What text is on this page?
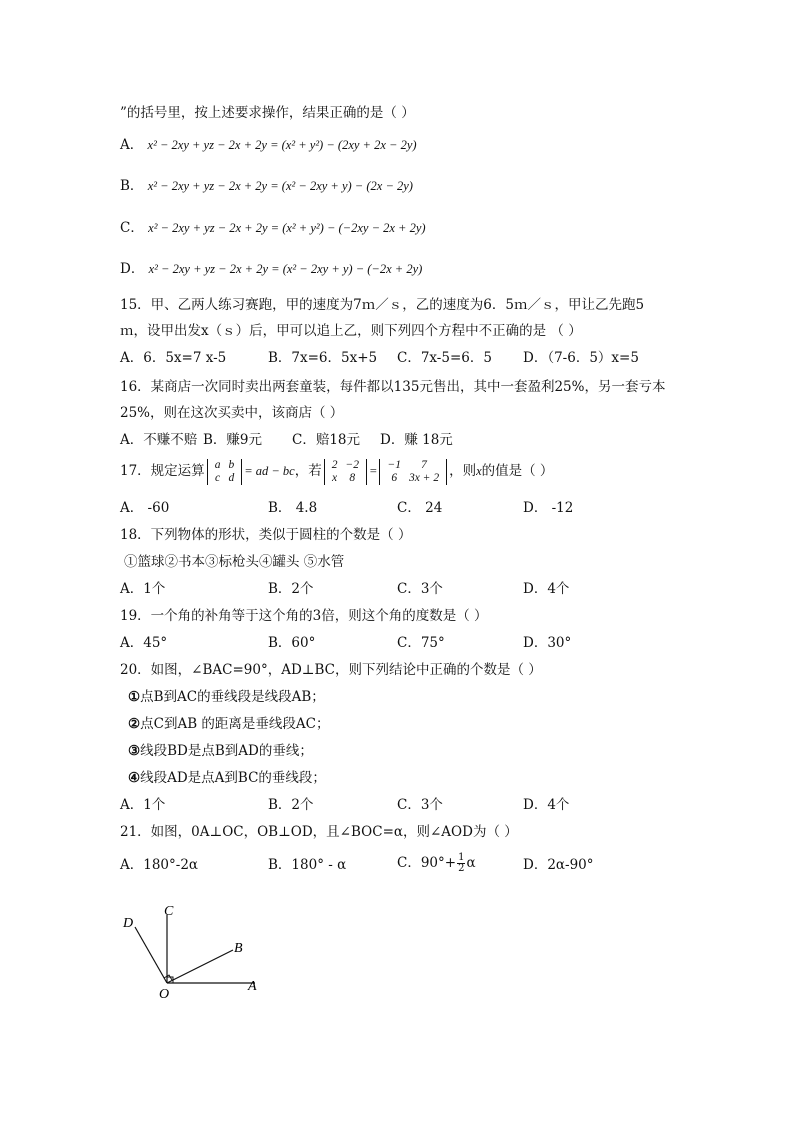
”的括号里，按上述要求操作，结果正确的是（ ）
A． x² − 2xy + yz − 2x + 2y = (x² + y²) − (2xy + 2x − 2y)
B． x² − 2xy + yz − 2x + 2y = (x² − 2xy + y) − (2x − 2y)
C． x² − 2xy + yz − 2x + 2y = (x² + y²) − (−2xy − 2x + 2y)
D． x² − 2xy + yz − 2x + 2y = (x² − 2xy + y) − (−2x + 2y)
15．甲、乙两人练习赛跑，甲的速度为7ｍ／ｓ，乙的速度为6．5ｍ／ｓ，甲让乙先跑5
ｍ，设甲出发x（ｓ）后，甲可以追上乙，则下列四个方程中不正确的是 （ ）
A．6．5x=7 x-5	B．7x=6．5x+5 C．7x-5=6．5 D．（7-6．5）x=5
16．某商店一次同时卖出两套童装，每件都以135元售出，其中一套盈利25%，另一套亏本
25%，则在这次买卖中，该商店（ ）
A．不赚不赔 B．赚9元 C．赔18元 D．赚 18元
17．规定运算 a	b
c	d = ad − bc，若 2	−2
x	8 = −1	7
6	3x + 2 ，则x的值是（ ）
A． -60	B． 4.8	C． 24	D． -12
18．下列物体的形状，类似于圆柱的个数是（ ）
①篮球②书本③标枪头④罐头 ⑤水管
A．1个	B．2个	C．3个	D．4个
19．一个角的补角等于这个角的3倍，则这个角的度数是（ ）
A．45°	B．60°	C．75°	D．30°
20．如图，∠BAC=90°，AD⊥BC，则下列结论中正确的个数是（ ）
①点B到AC的垂线段是线段AB；
②点C到AB 的距离是垂线段AC；
③线段BD是点B到AD的垂线；
④线段AD是点A到BC的垂线段；
A．1个	B．2个	C．3个	D．4个
21．如图，0A⊥OC，OB⊥OD，且∠BOC=α，则∠AOD为（ ）
A．180°-2α	B．180° - α	C．$90^\circ+ \frac{1}{2}$ α	D．2α-90°
D
C
B
O
A
